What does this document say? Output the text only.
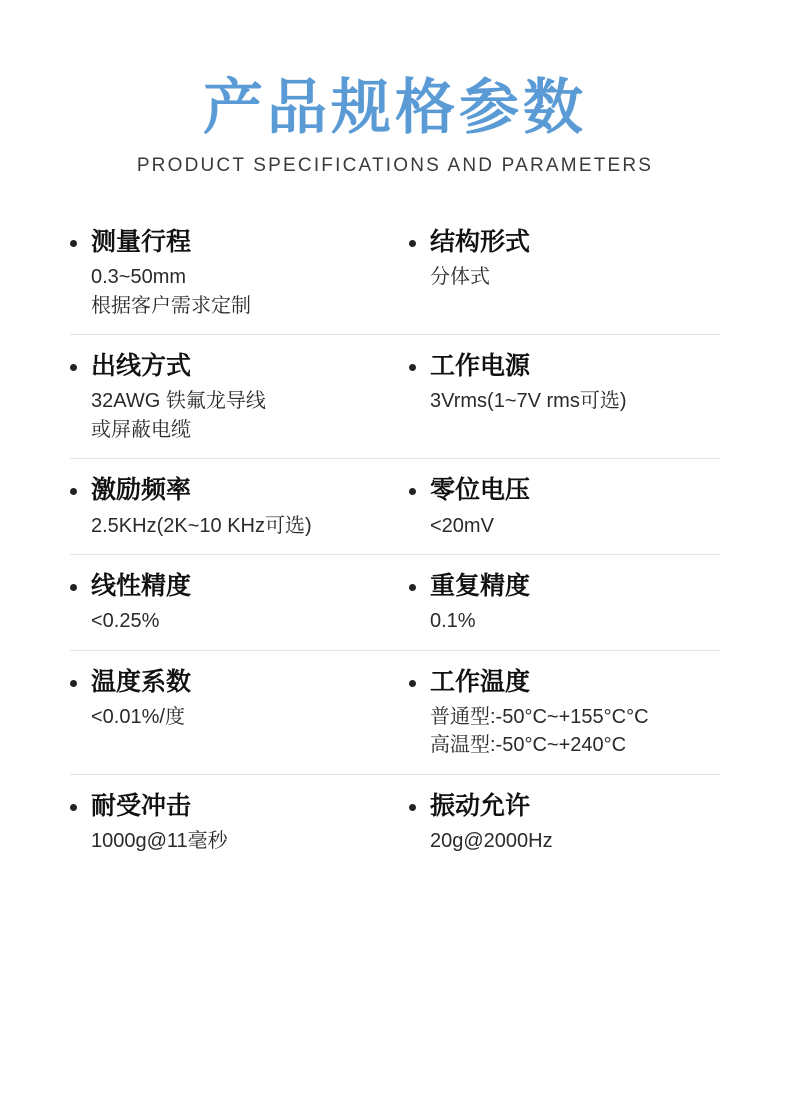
产品规格参数
PRODUCT SPECIFICATIONS AND PARAMETERS
测量行程
0.3~50mm
根据客户需求定制
结构形式
分体式
出线方式
32AWG 铁氟龙导线
或屏蔽电缆
工作电源
3Vrms(1~7V rms可选)
激励频率
2.5KHz(2K~10 KHz可选)
零位电压
<20mV
线性精度
<0.25%
重复精度
0.1%
温度系数
<0.01%/度
工作温度
普通型:-50°C~+155°C°C
高温型:-50°C~+240°C
耐受冲击
1000g@11毫秒
振动允许
20g@2000Hz
